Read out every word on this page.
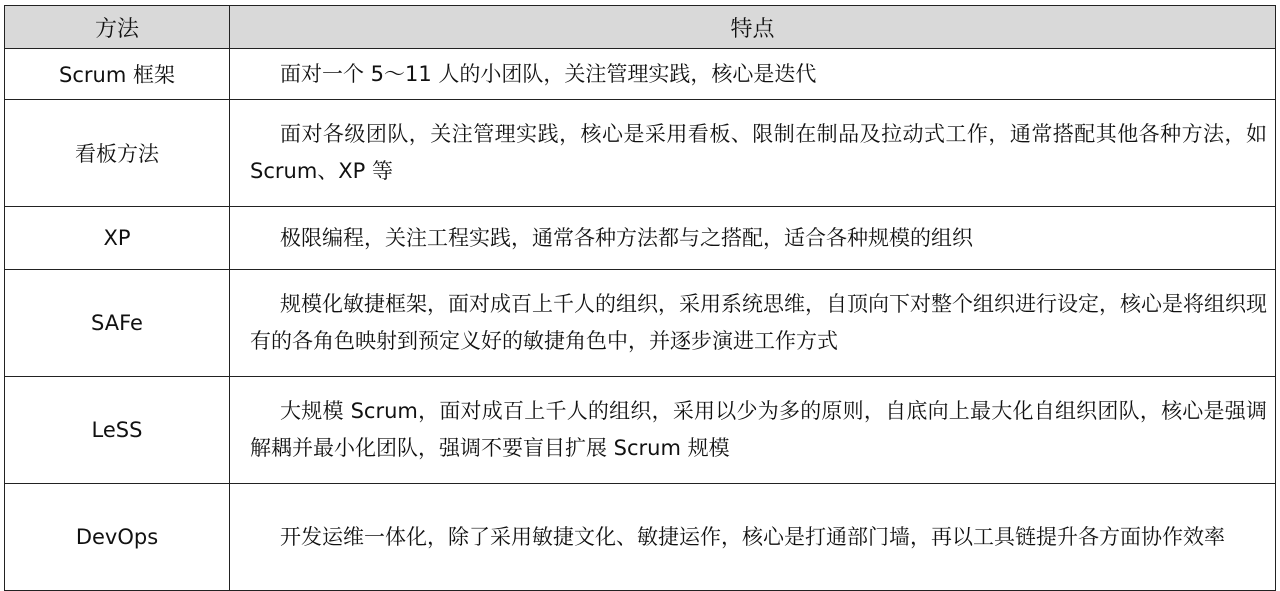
方法	特点
Scrum 框架	面对一个 5～11 人的小团队，关注管理实践，核心是迭代
看板方法	面对各级团队，关注管理实践，核心是采用看板、限制在制品及拉动式工作，通常搭配其他各种方法，如 Scrum、XP 等
XP	极限编程，关注工程实践，通常各种方法都与之搭配，适合各种规模的组织
SAFe	规模化敏捷框架，面对成百上千人的组织，采用系统思维，自顶向下对整个组织进行设定，核心是将组织现有的各角色映射到预定义好的敏捷角色中，并逐步演进工作方式
LeSS	大规模 Scrum，面对成百上千人的组织，采用以少为多的原则，自底向上最大化自组织团队，核心是强调解耦并最小化团队，强调不要盲目扩展 Scrum 规模
DevOps	开发运维一体化，除了采用敏捷文化、敏捷运作，核心是打通部门墙，再以工具链提升各方面协作效率
